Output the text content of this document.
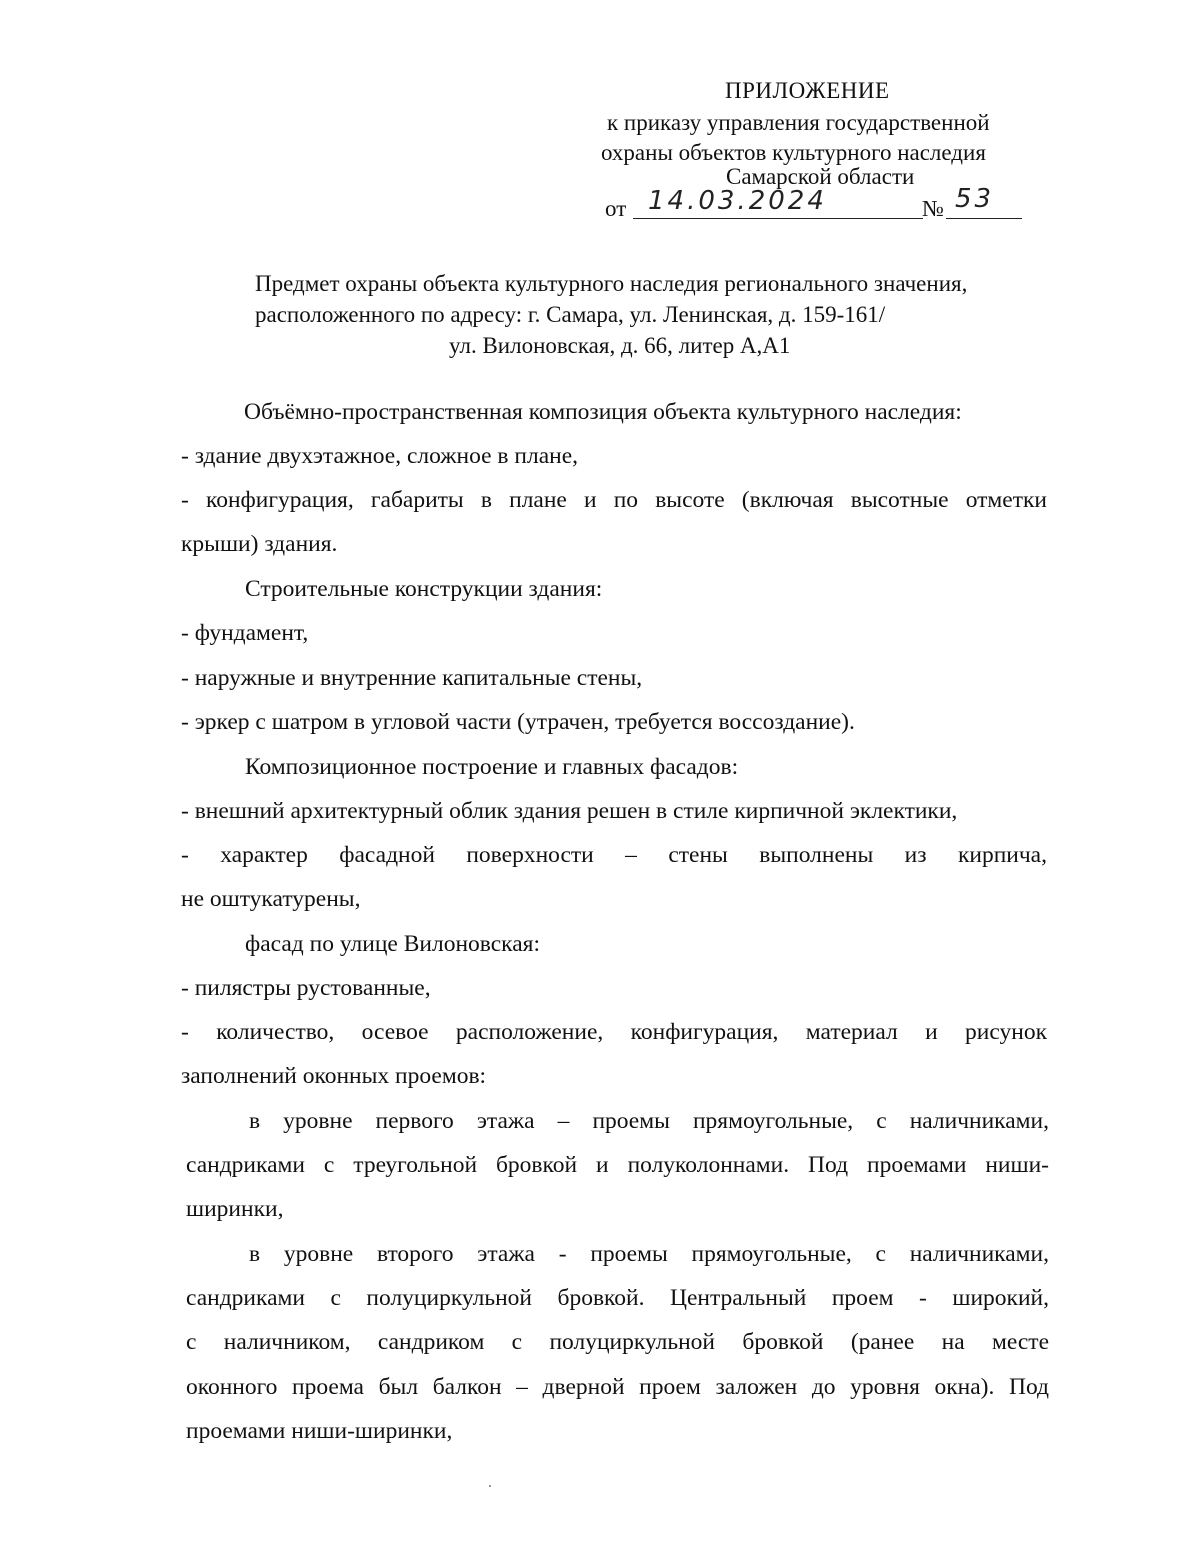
ПРИЛОЖЕНИЕ
к приказу управления государственной
охраны объектов культурного наследия
Самарской области
от 14.03.2024	№ 53
Предмет охраны объекта культурного наследия регионального значения,
расположенного по адресу: г. Самара, ул. Ленинская, д. 159-161/
ул. Вилоновская, д. 66, литер А,А1
Объёмно-пространственная композиция объекта культурного наследия:
- здание двухэтажное, сложное в плане,
- конфигурация, габариты в плане и по высоте (включая высотные отметки
крыши) здания.
Строительные конструкции здания:
- фундамент,
- наружные и внутренние капитальные стены,
- эркер с шатром в угловой части (утрачен, требуется воссоздание).
Композиционное построение и главных фасадов:
- внешний архитектурный облик здания решен в стиле кирпичной эклектики,
- характер фасадной поверхности – стены выполнены из кирпича,
не оштукатурены,
фасад по улице Вилоновская:
- пилястры рустованные,
- количество, осевое расположение, конфигурация, материал и рисунок
заполнений оконных проемов:
в уровне первого этажа – проемы прямоугольные, с наличниками,
сандриками с треугольной бровкой и полуколоннами. Под проемами ниши-
ширинки,
в уровне второго этажа - проемы прямоугольные, с наличниками,
сандриками с полуциркульной бровкой. Центральный проем - широкий,
с наличником, сандриком с полуциркульной бровкой (ранее на месте
оконного проема был балкон – дверной проем заложен до уровня окна). Под
проемами ниши-ширинки,
